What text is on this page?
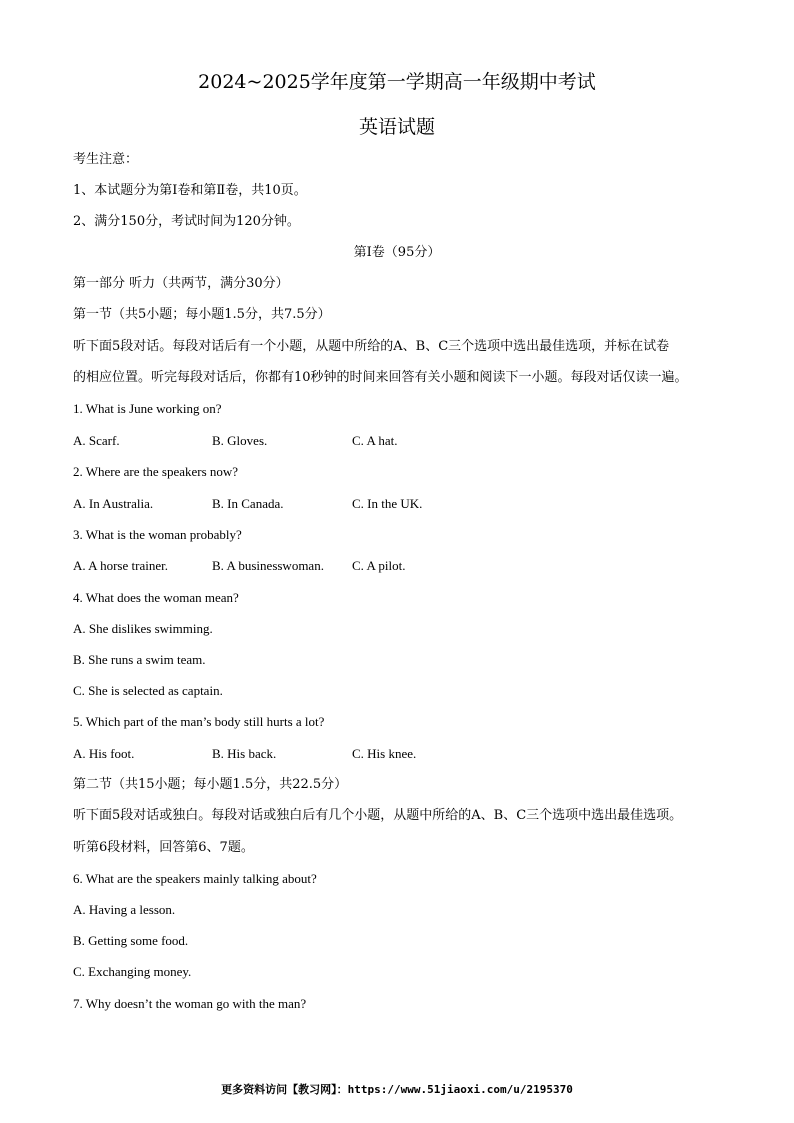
2024~2025学年度第一学期高一年级期中考试
英语试题
考生注意：
1、本试题分为第Ⅰ卷和第Ⅱ卷，共10页。
2、满分150分，考试时间为120分钟。
第Ⅰ卷（95分）
第一部分 听力（共两节，满分30分）
第一节（共5小题；每小题1.5分，共7.5分）
听下面5段对话。每段对话后有一个小题，从题中所给的A、B、C三个选项中选出最佳选项，并标在试卷
的相应位置。听完每段对话后，你都有10秒钟的时间来回答有关小题和阅读下一小题。每段对话仅读一遍。
1. What is June working on?
A. Scarf.	B. Gloves.	C. A hat.
2. Where are the speakers now?
A. In Australia.	B. In Canada.	C. In the UK.
3. What is the woman probably?
A. A horse trainer.	B. A businesswoman. C. A pilot.
4. What does the woman mean?
A. She dislikes swimming.
B. She runs a swim team.
C. She is selected as captain.
5. Which part of the man’s body still hurts a lot?
A. His foot.	B. His back.	C. His knee.
第二节（共15小题；每小题1.5分，共22.5分）
听下面5段对话或独白。每段对话或独白后有几个小题，从题中所给的A、B、C三个选项中选出最佳选项。
听第6段材料，回答第6、7题。
6. What are the speakers mainly talking about?
A. Having a lesson.
B. Getting some food.
C. Exchanging money.
7. Why doesn’t the woman go with the man?
更多资料访问【教习网】：https://www.51jiaoxi.com/u/2195370
